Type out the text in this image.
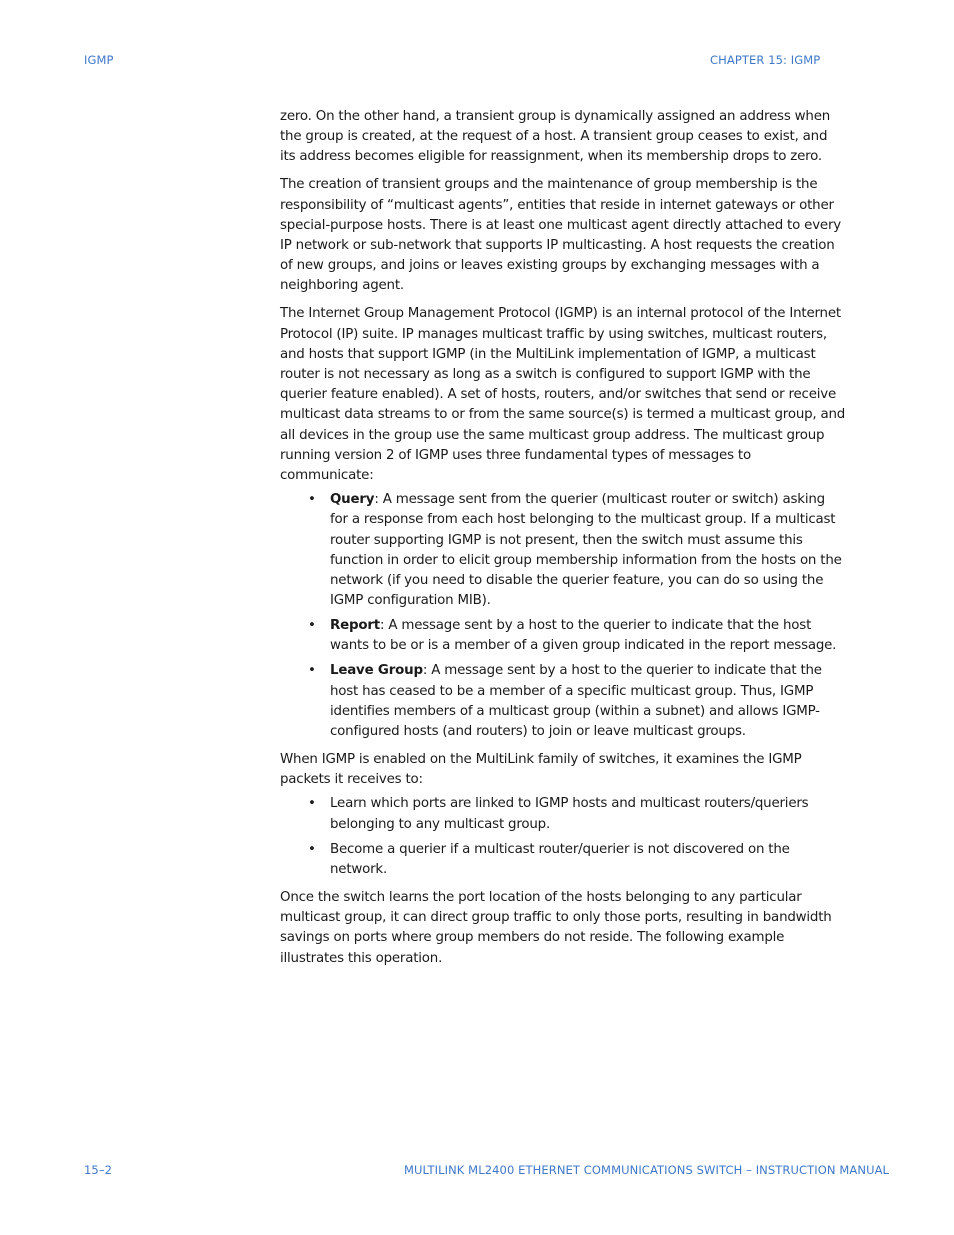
IGMP	CHAPTER 15: IGMP

zero. On the other hand, a transient group is dynamically assigned an address when the group is created, at the request of a host. A transient group ceases to exist, and its address becomes eligible for reassignment, when its membership drops to zero.

The creation of transient groups and the maintenance of group membership is the responsibility of “multicast agents”, entities that reside in internet gateways or other special-purpose hosts. There is at least one multicast agent directly attached to every IP network or sub-network that supports IP multicasting. A host requests the creation of new groups, and joins or leaves existing groups by exchanging messages with a neighboring agent.

The Internet Group Management Protocol (IGMP) is an internal protocol of the Internet Protocol (IP) suite. IP manages multicast traffic by using switches, multicast routers, and hosts that support IGMP (in the MultiLink implementation of IGMP, a multicast router is not necessary as long as a switch is configured to support IGMP with the querier feature enabled). A set of hosts, routers, and/or switches that send or receive multicast data streams to or from the same source(s) is termed a multicast group, and all devices in the group use the same multicast group address. The multicast group running version 2 of IGMP uses three fundamental types of messages to communicate:

• Query: A message sent from the querier (multicast router or switch) asking for a response from each host belonging to the multicast group. If a multicast router supporting IGMP is not present, then the switch must assume this function in order to elicit group membership information from the hosts on the network (if you need to disable the querier feature, you can do so using the IGMP configuration MIB).
• Report: A message sent by a host to the querier to indicate that the host wants to be or is a member of a given group indicated in the report message.
• Leave Group: A message sent by a host to the querier to indicate that the host has ceased to be a member of a specific multicast group. Thus, IGMP identifies members of a multicast group (within a subnet) and allows IGMP-configured hosts (and routers) to join or leave multicast groups.

When IGMP is enabled on the MultiLink family of switches, it examines the IGMP packets it receives to:

• Learn which ports are linked to IGMP hosts and multicast routers/queriers belonging to any multicast group.
• Become a querier if a multicast router/querier is not discovered on the network.

Once the switch learns the port location of the hosts belonging to any particular multicast group, it can direct group traffic to only those ports, resulting in bandwidth savings on ports where group members do not reside. The following example illustrates this operation.

15–2	MULTILINK ML2400 ETHERNET COMMUNICATIONS SWITCH – INSTRUCTION MANUAL
